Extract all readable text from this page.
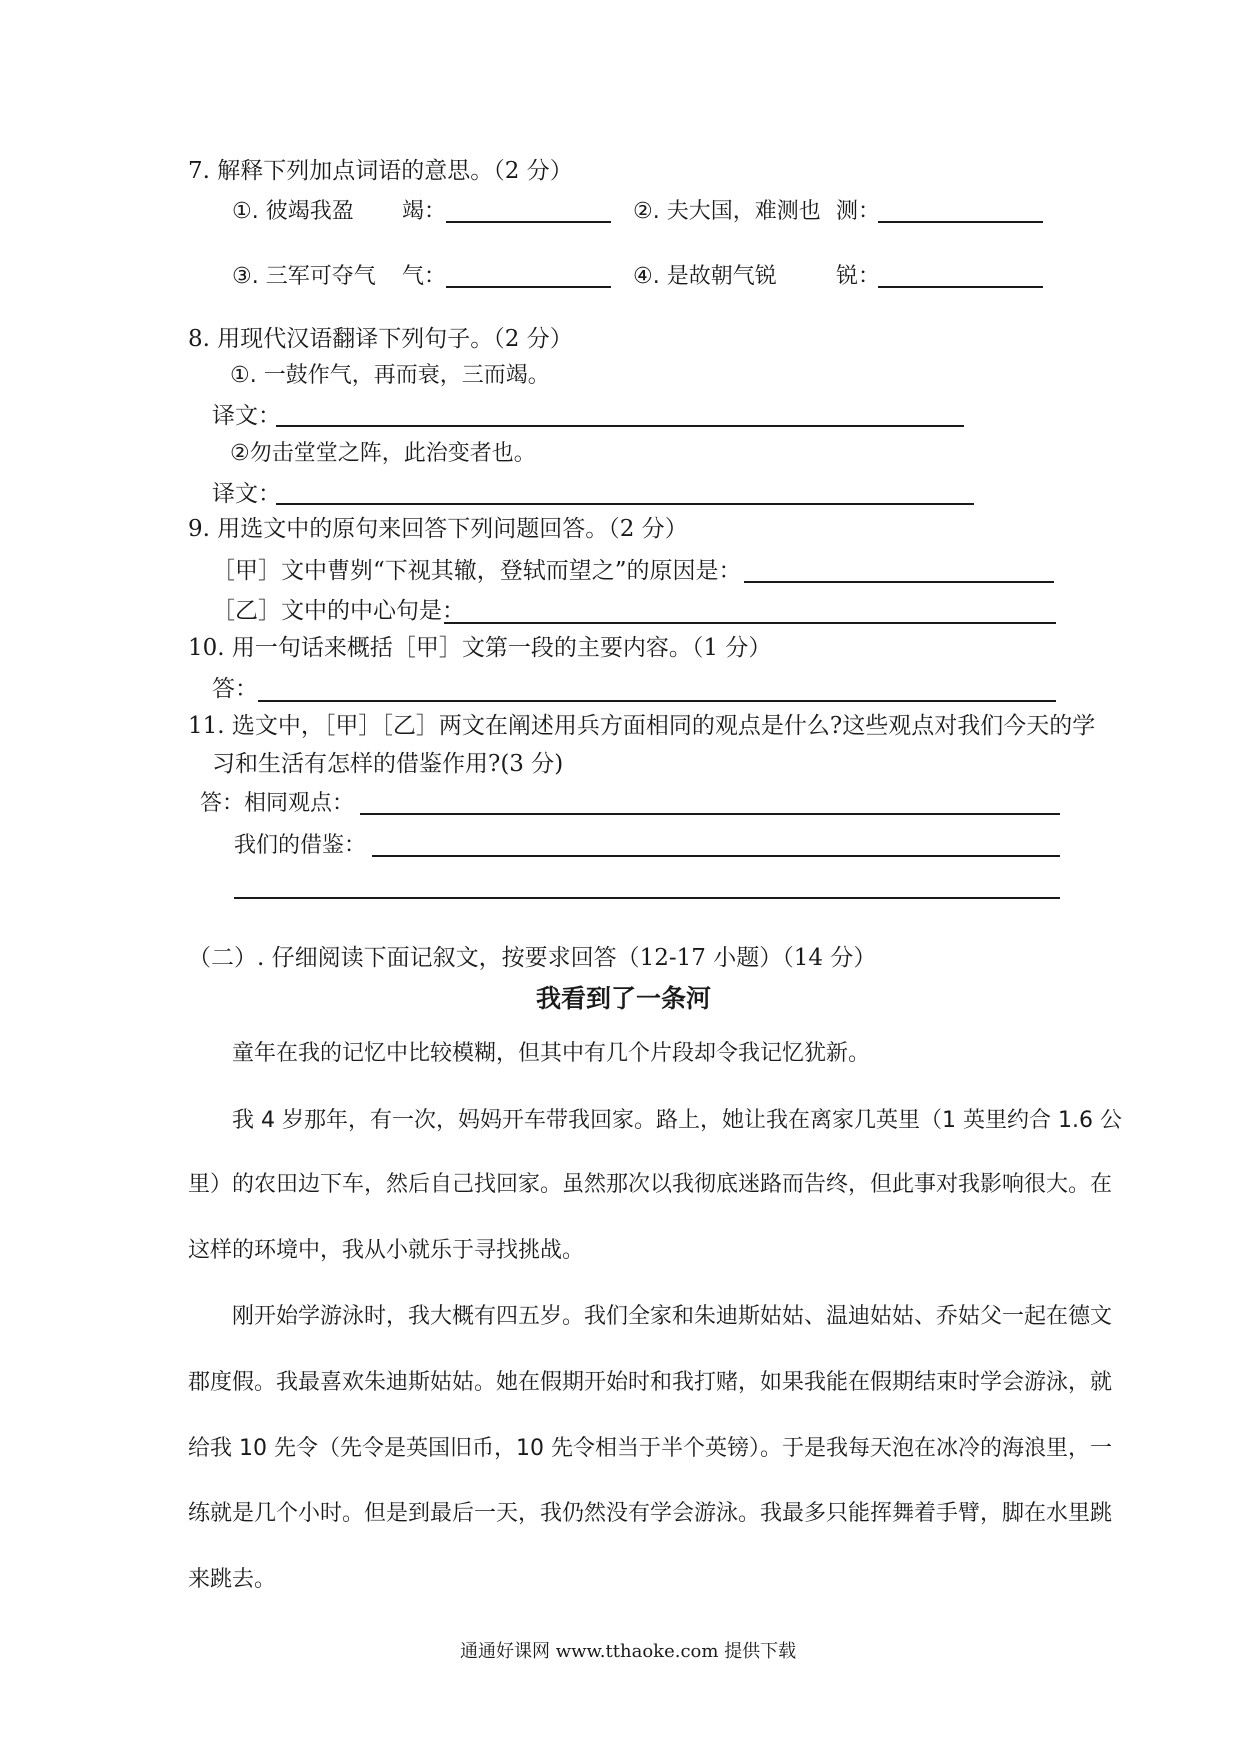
7. 解释下列加点词语的意思。（2 分）
①. 彼竭我盈 竭：	②. 夫大国，难测也 测：
③. 三军可夺气 气：	④. 是故朝气锐	锐：
8. 用现代汉语翻译下列句子。（2 分）
①. 一鼓作气，再而衰，三而竭。
译文：
②勿击堂堂之阵，此治变者也。
译文：
9. 用选文中的原句来回答下列问题回答。（2 分）
［甲］文中曹刿“下视其辙，登轼而望之”的原因是：
［乙］文中的中心句是：
10. 用一句话来概括［甲］文第一段的主要内容。（1 分）
答：
11. 选文中，［甲］［乙］两文在阐述用兵方面相同的观点是什么?这些观点对我们今天的学
习和生活有怎样的借鉴作用?(3 分)
答：相同观点：
我们的借鉴：
（二）. 仔细阅读下面记叙文，按要求回答（12-17 小题）（14 分）
我看到了一条河
童年在我的记忆中比较模糊，但其中有几个片段却令我记忆犹新。
我 4 岁那年，有一次，妈妈开车带我回家。路上，她让我在离家几英里（1 英里约合 1.6 公
里）的农田边下车，然后自己找回家。虽然那次以我彻底迷路而告终，但此事对我影响很大。在
这样的环境中，我从小就乐于寻找挑战。
刚开始学游泳时，我大概有四五岁。我们全家和朱迪斯姑姑、温迪姑姑、乔姑父一起在德文
郡度假。我最喜欢朱迪斯姑姑。她在假期开始时和我打赌，如果我能在假期结束时学会游泳，就
给我 10 先令（先令是英国旧币，10 先令相当于半个英镑）。于是我每天泡在冰冷的海浪里，一
练就是几个小时。但是到最后一天，我仍然没有学会游泳。我最多只能挥舞着手臂，脚在水里跳
来跳去。
通通好课网 www.tthaoke.com 提供下载
